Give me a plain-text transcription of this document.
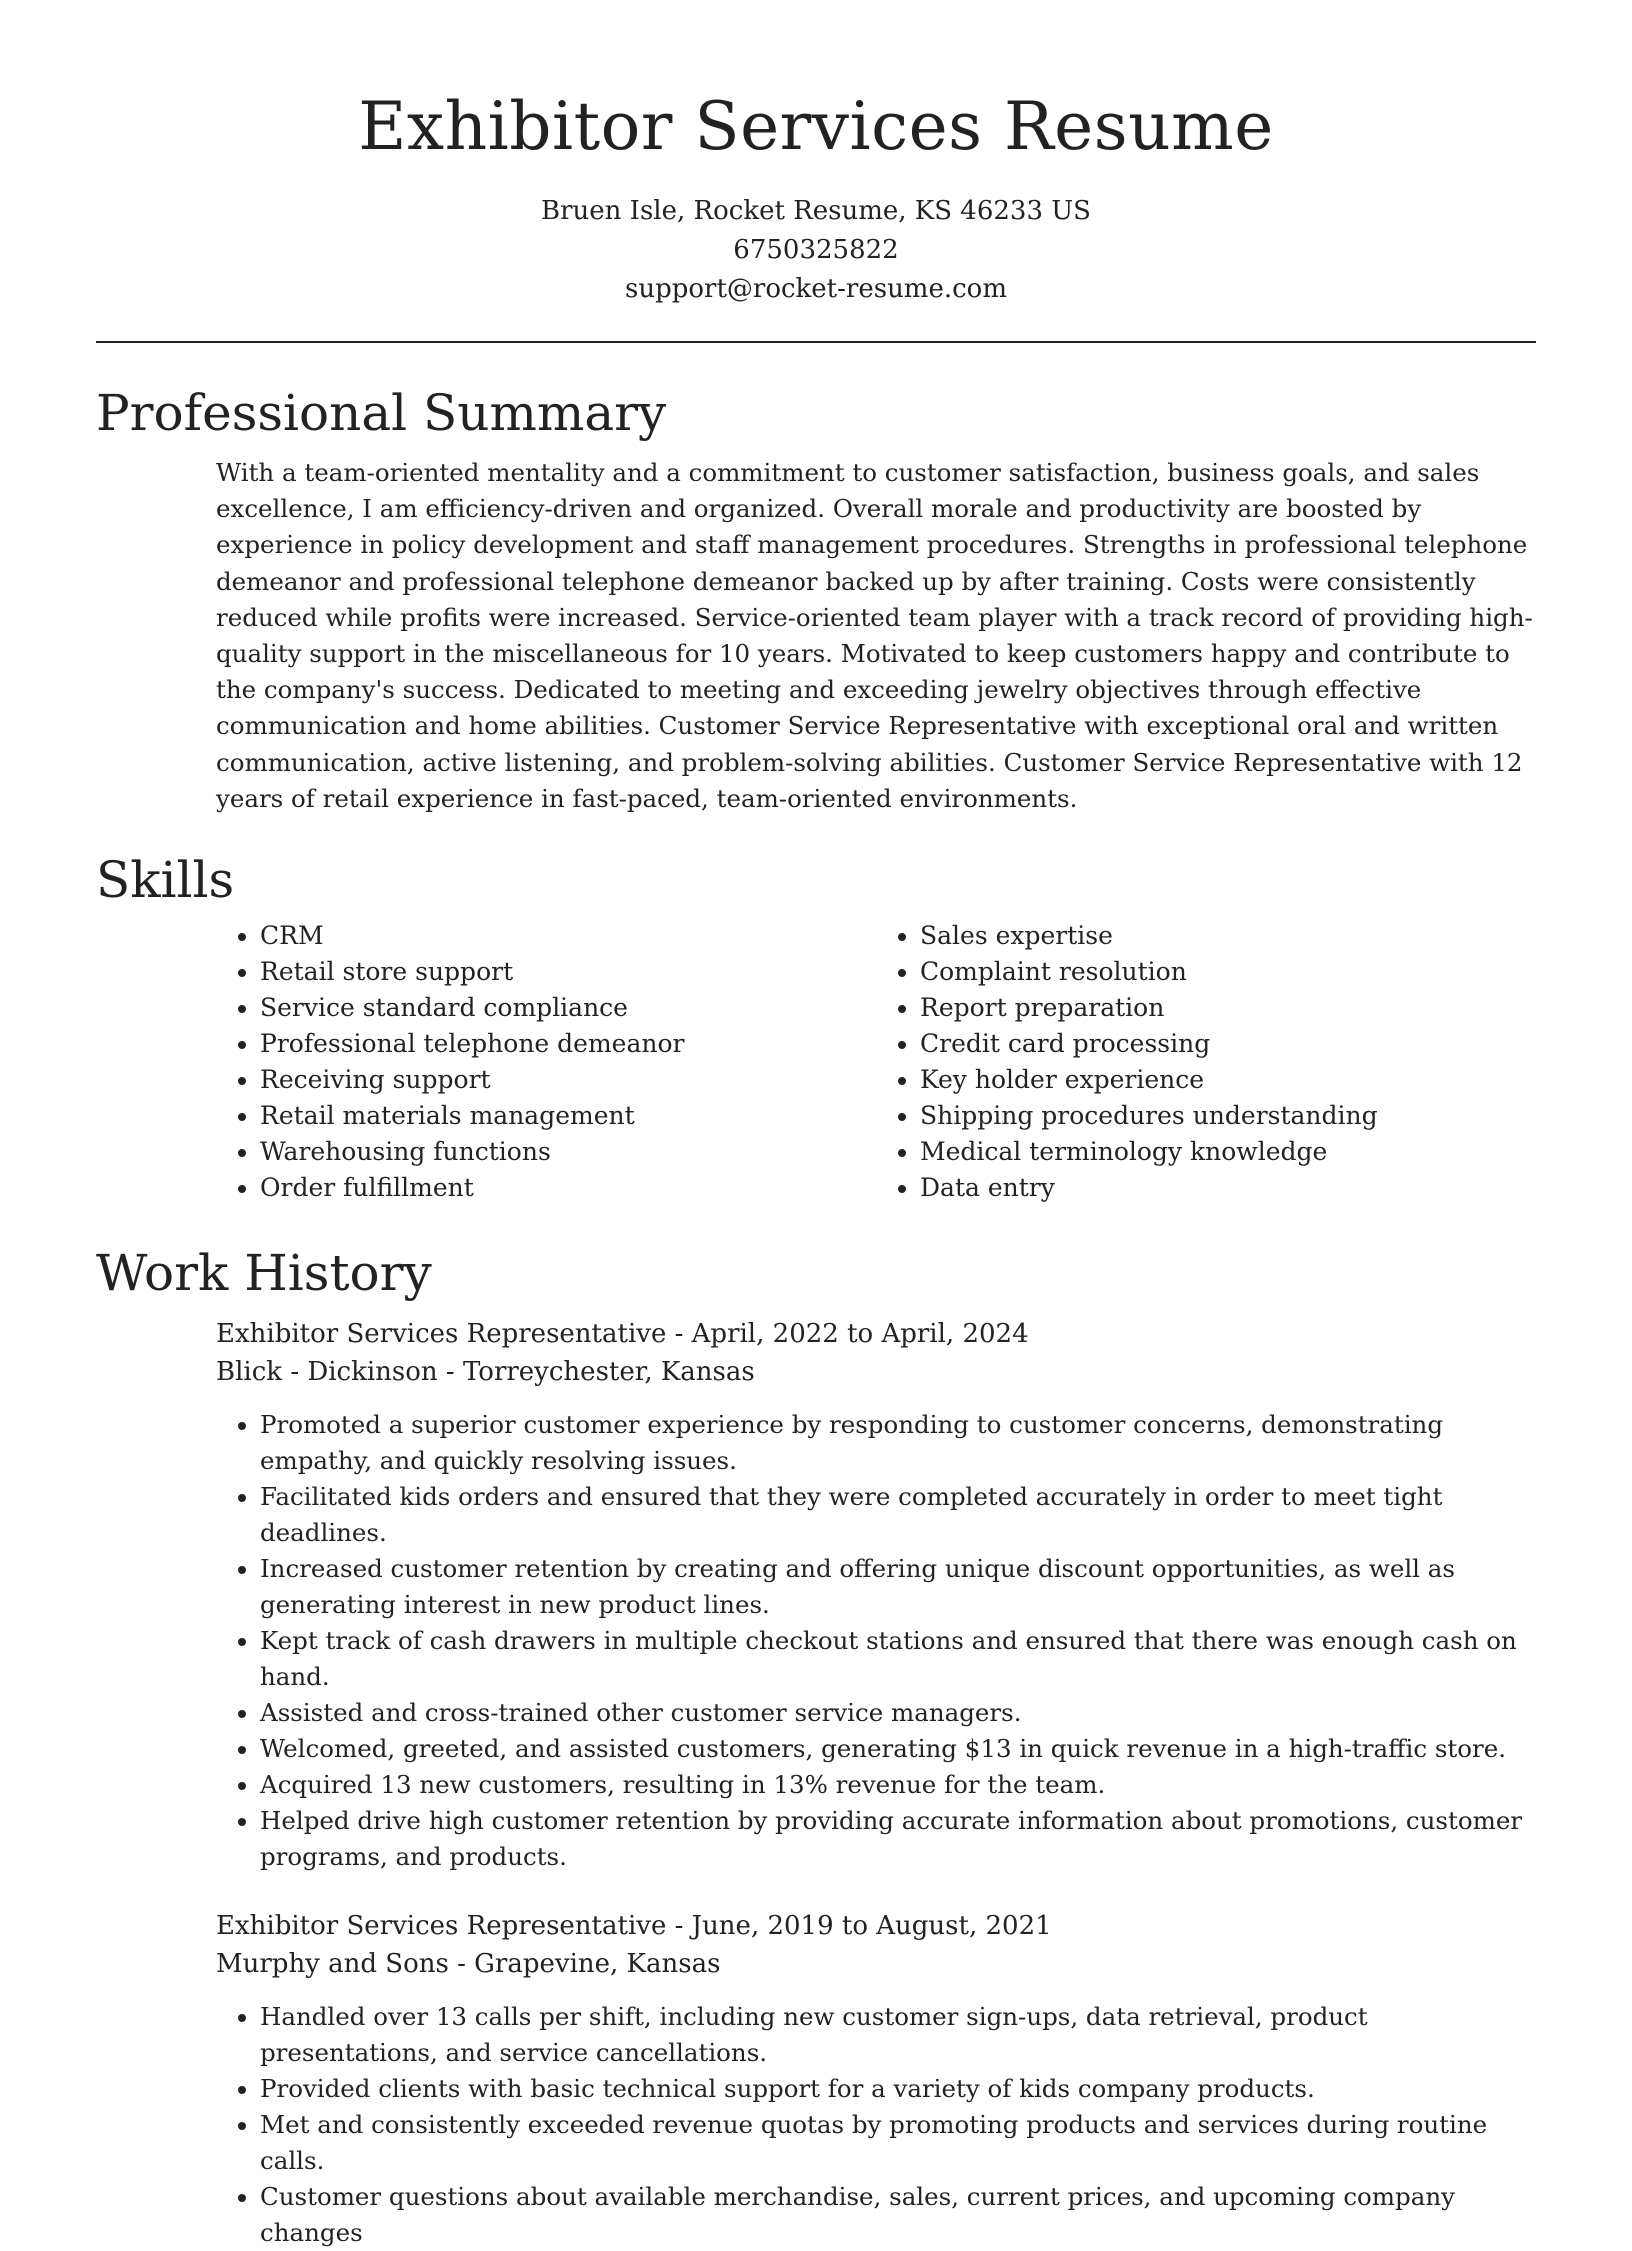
Exhibitor Services Resume
Bruen Isle, Rocket Resume, KS 46233 US
6750325822
support@rocket-resume.com
Professional Summary

With a team-oriented mentality and a commitment to customer satisfaction, business goals, and sales excellence, I am efficiency-driven and organized. Overall morale and productivity are boosted by experience in policy development and staff management procedures. Strengths in professional telephone demeanor and professional telephone demeanor backed up by after training. Costs were consistently reduced while profits were increased. Service-oriented team player with a track record of providing high-quality support in the miscellaneous for 10 years. Motivated to keep customers happy and contribute to the company's success. Dedicated to meeting and exceeding jewelry objectives through effective communication and home abilities. Customer Service Representative with exceptional oral and written communication, active listening, and problem-solving abilities. Customer Service Representative with 12 years of retail experience in fast-paced, team-oriented environments.

Skills
• CRM
• Retail store support
• Service standard compliance
• Professional telephone demeanor
• Receiving support
• Retail materials management
• Warehousing functions
• Order fulfillment
• Sales expertise
• Complaint resolution
• Report preparation
• Credit card processing
• Key holder experience
• Shipping procedures understanding
• Medical terminology knowledge
• Data entry
Work History
Exhibitor Services Representative - April, 2022 to April, 2024
Blick - Dickinson - Torreychester, Kansas
• Promoted a superior customer experience by responding to customer concerns, demonstrating empathy, and quickly resolving issues.
• Facilitated kids orders and ensured that they were completed accurately in order to meet tight deadlines.
• Increased customer retention by creating and offering unique discount opportunities, as well as generating interest in new product lines.
• Kept track of cash drawers in multiple checkout stations and ensured that there was enough cash on hand.
• Assisted and cross-trained other customer service managers.
• Welcomed, greeted, and assisted customers, generating $13 in quick revenue in a high-traffic store.
• Acquired 13 new customers, resulting in 13% revenue for the team.
• Helped drive high customer retention by providing accurate information about promotions, customer programs, and products.
Exhibitor Services Representative - June, 2019 to August, 2021
Murphy and Sons - Grapevine, Kansas
• Handled over 13 calls per shift, including new customer sign-ups, data retrieval, product presentations, and service cancellations.
• Provided clients with basic technical support for a variety of kids company products.
• Met and consistently exceeded revenue quotas by promoting products and services during routine calls.
• Customer questions about available merchandise, sales, current prices, and upcoming company changes
